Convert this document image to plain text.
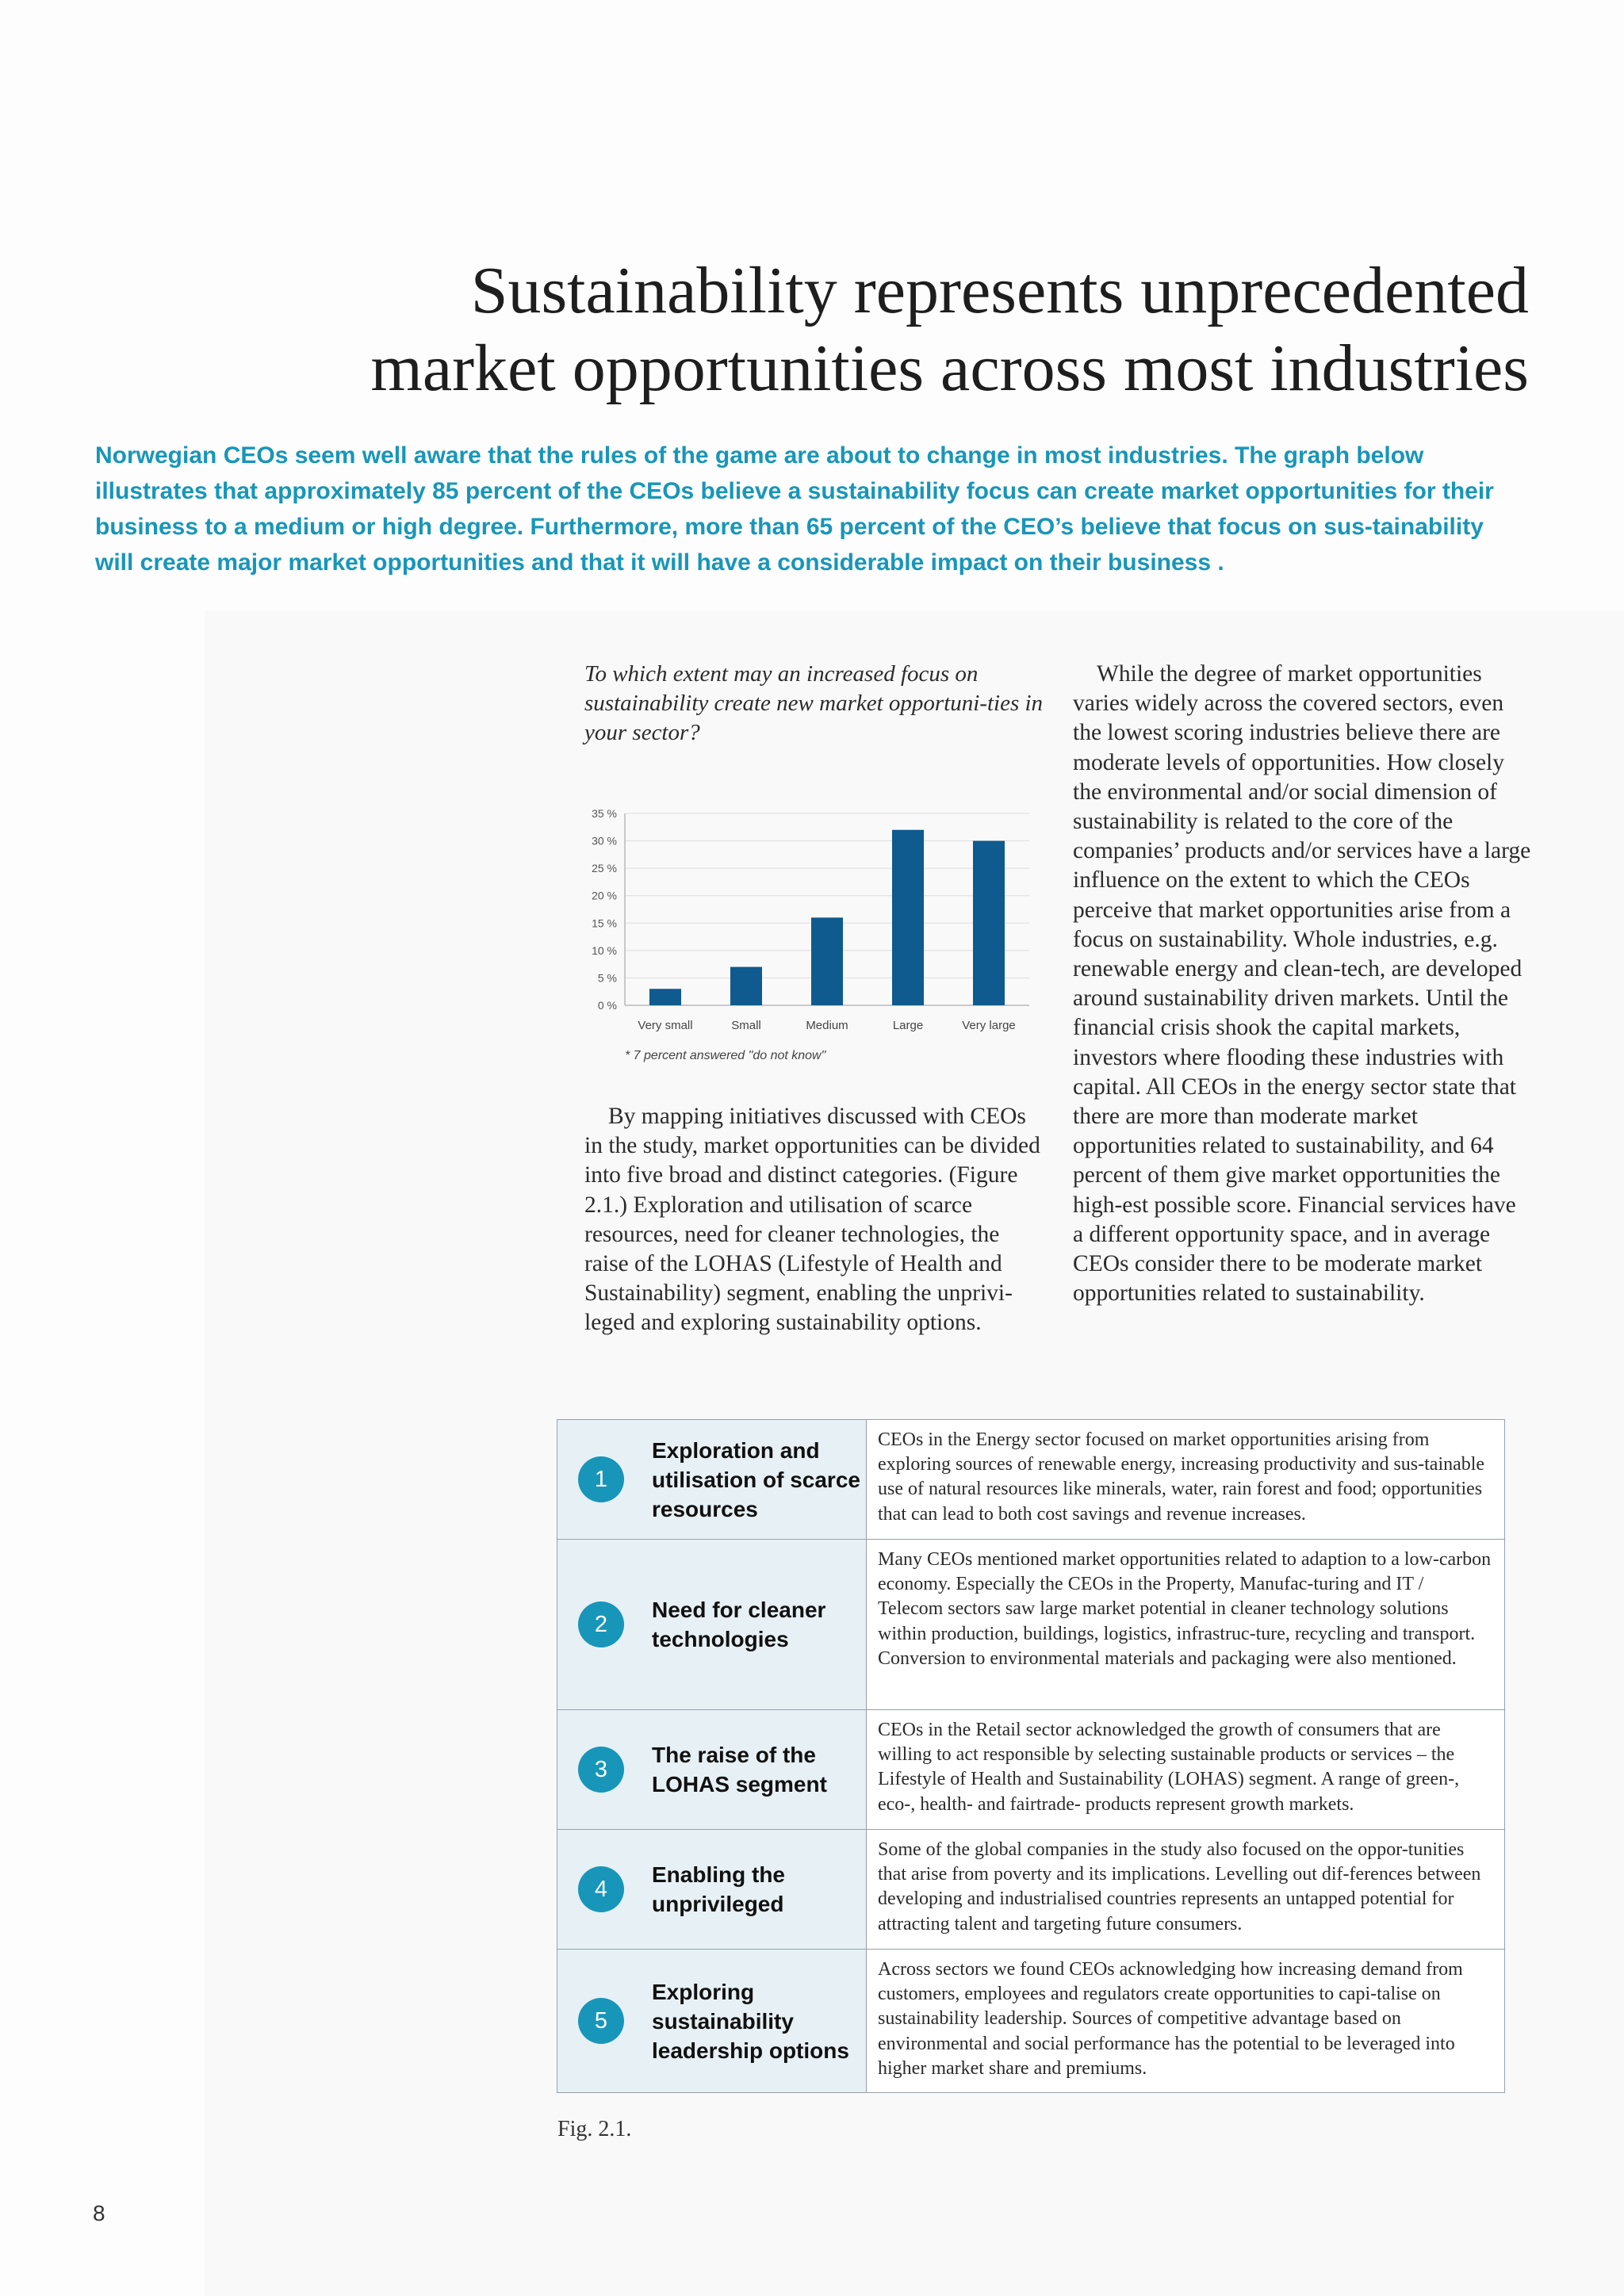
Sustainability represents unprecedented
market opportunities across most industries

Norwegian CEOs seem well aware that the rules of the game are about to change in most industries. The graph below illustrates that approximately 85 percent of the CEOs believe a sustainability focus can create market opportunities for their business to a medium or high degree. Furthermore, more than 65 percent of the CEO’s believe that focus on sus-tainability will create major market opportunities and that it will have a considerable impact on their business .

To which extent may an increased focus on sustainability create new market opportuni-ties in your sector?

0 %
5 %
10 %
15 %
20 %
25 %
30 %
35 %
Very small	Small	Medium	Large	Very large

* 7 percent answered "do not know"

By mapping initiatives discussed with CEOs in the study, market opportunities can be divided into five broad and distinct categories. (Figure 2.1.) Exploration and utilisation of scarce resources, need for cleaner technologies, the raise of the LOHAS (Lifestyle of Health and Sustainability) segment, enabling the unprivi-leged and exploring sustainability options.

While the degree of market opportunities varies widely across the covered sectors, even the lowest scoring industries believe there are moderate levels of opportunities. How closely the environmental and/or social dimension of sustainability is related to the core of the companies’ products and/or services have a large influence on the extent to which the CEOs perceive that market opportunities arise from a focus on sustainability. Whole industries, e.g. renewable energy and clean-tech, are developed around sustainability driven markets. Until the financial crisis shook the capital markets, investors where flooding these industries with capital. All CEOs in the energy sector state that there are more than moderate market opportunities related to sustainability, and 64 percent of them give market opportunities the high-est possible score. Financial services have a different opportunity space, and in average CEOs consider there to be moderate market opportunities related to sustainability.

1
Exploration and utilisation of scarce resources
CEOs in the Energy sector focused on market opportunities arising from exploring sources of renewable energy, increasing productivity and sus-tainable use of natural resources like minerals, water, rain forest and food; opportunities that can lead to both cost savings and revenue increases.
2
Need for cleaner technologies
Many CEOs mentioned market opportunities related to adaption to a low-carbon economy. Especially the CEOs in the Property, Manufac-turing and IT / Telecom sectors saw large market potential in cleaner technology solutions within production, buildings, logistics, infrastruc-ture, recycling and transport. Conversion to environmental materials and packaging were also mentioned.
3
The raise of the LOHAS segment
CEOs in the Retail sector acknowledged the growth of consumers that are willing to act responsible by selecting sustainable products or services – the Lifestyle of Health and Sustainability (LOHAS) segment. A range of green-, eco-, health- and fairtrade- products represent growth markets.
4
Enabling the unprivileged
Some of the global companies in the study also focused on the oppor-tunities that arise from poverty and its implications. Levelling out dif-ferences between developing and industrialised countries represents an untapped potential for attracting talent and targeting future consumers.
5
Exploring sustainability leadership options
Across sectors we found CEOs acknowledging how increasing demand from customers, employees and regulators create opportunities to capi-talise on sustainability leadership. Sources of competitive advantage based on environmental and social performance has the potential to be leveraged into higher market share and premiums.

Fig. 2.1.

8
